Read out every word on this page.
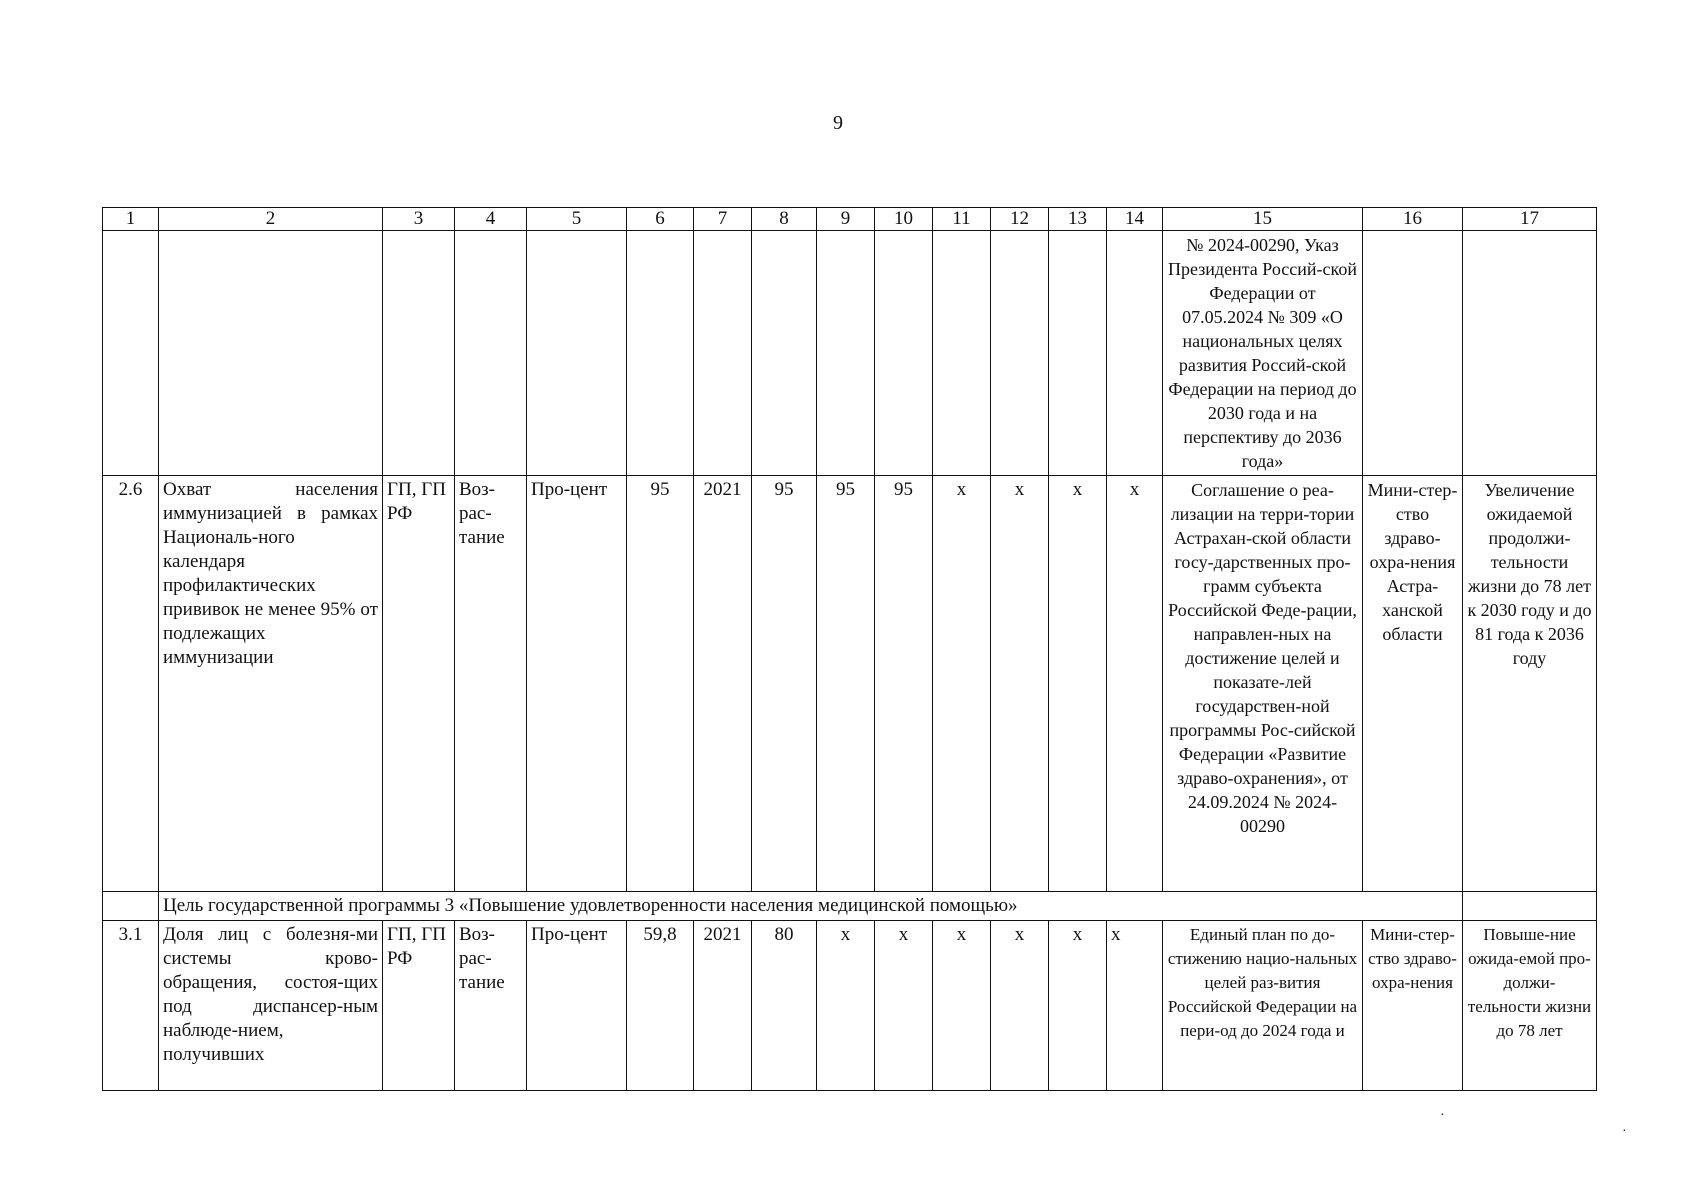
9
1	2	3	4	5	6	7	8	9	10	11	12	13	14	15	16	17
														№ 2024-00290, Указ Президента Россий-ской Федерации от 07.05.2024 № 309 «О национальных целях развития Россий-ской Федерации на период до 2030 года и на перспективу до 2036 года»		
2.6	Охват населения иммунизацией в рамках Националь-ного календаря профилактических прививок не менее 95% от подлежащих иммунизации	ГП, ГП РФ	Воз-рас-тание	Про-цент	95	2021	95	95	95	х	х	х	х	Соглашение о реа-лизации на терри-тории Астрахан-ской области госу-дарственных про-грамм субъекта Российской Феде-рации, направлен-ных на достижение целей и показате-лей государствен-ной программы Рос-сийской Федерации «Развитие здраво-охранения», от 24.09.2024 № 2024-00290	Мини-стер-ство здраво-охра-нения Астра-ханской области	Увеличение ожидаемой продолжи-тельности жизни до 78 лет к 2030 году и до 81 года к 2036 году
	Цель государственной программы 3 «Повышение удовлетворенности населения медицинской помощью»															
3.1	Доля лиц с болезня-ми системы крово-обращения, состоя-щих под диспансер-ным наблюде-нием, получивших	ГП, ГП РФ	Воз-рас-тание	Про-цент	59,8	2021	80	х	х	х	х	х	х	Единый план по до-стижению нацио-нальных целей раз-вития Российской Федерации на пери-од до 2024 года и	Мини-стер-ство здраво-охра-нения	Повыше-ние ожида-емой про-должи-тельности жизни до 78 лет
·
·
